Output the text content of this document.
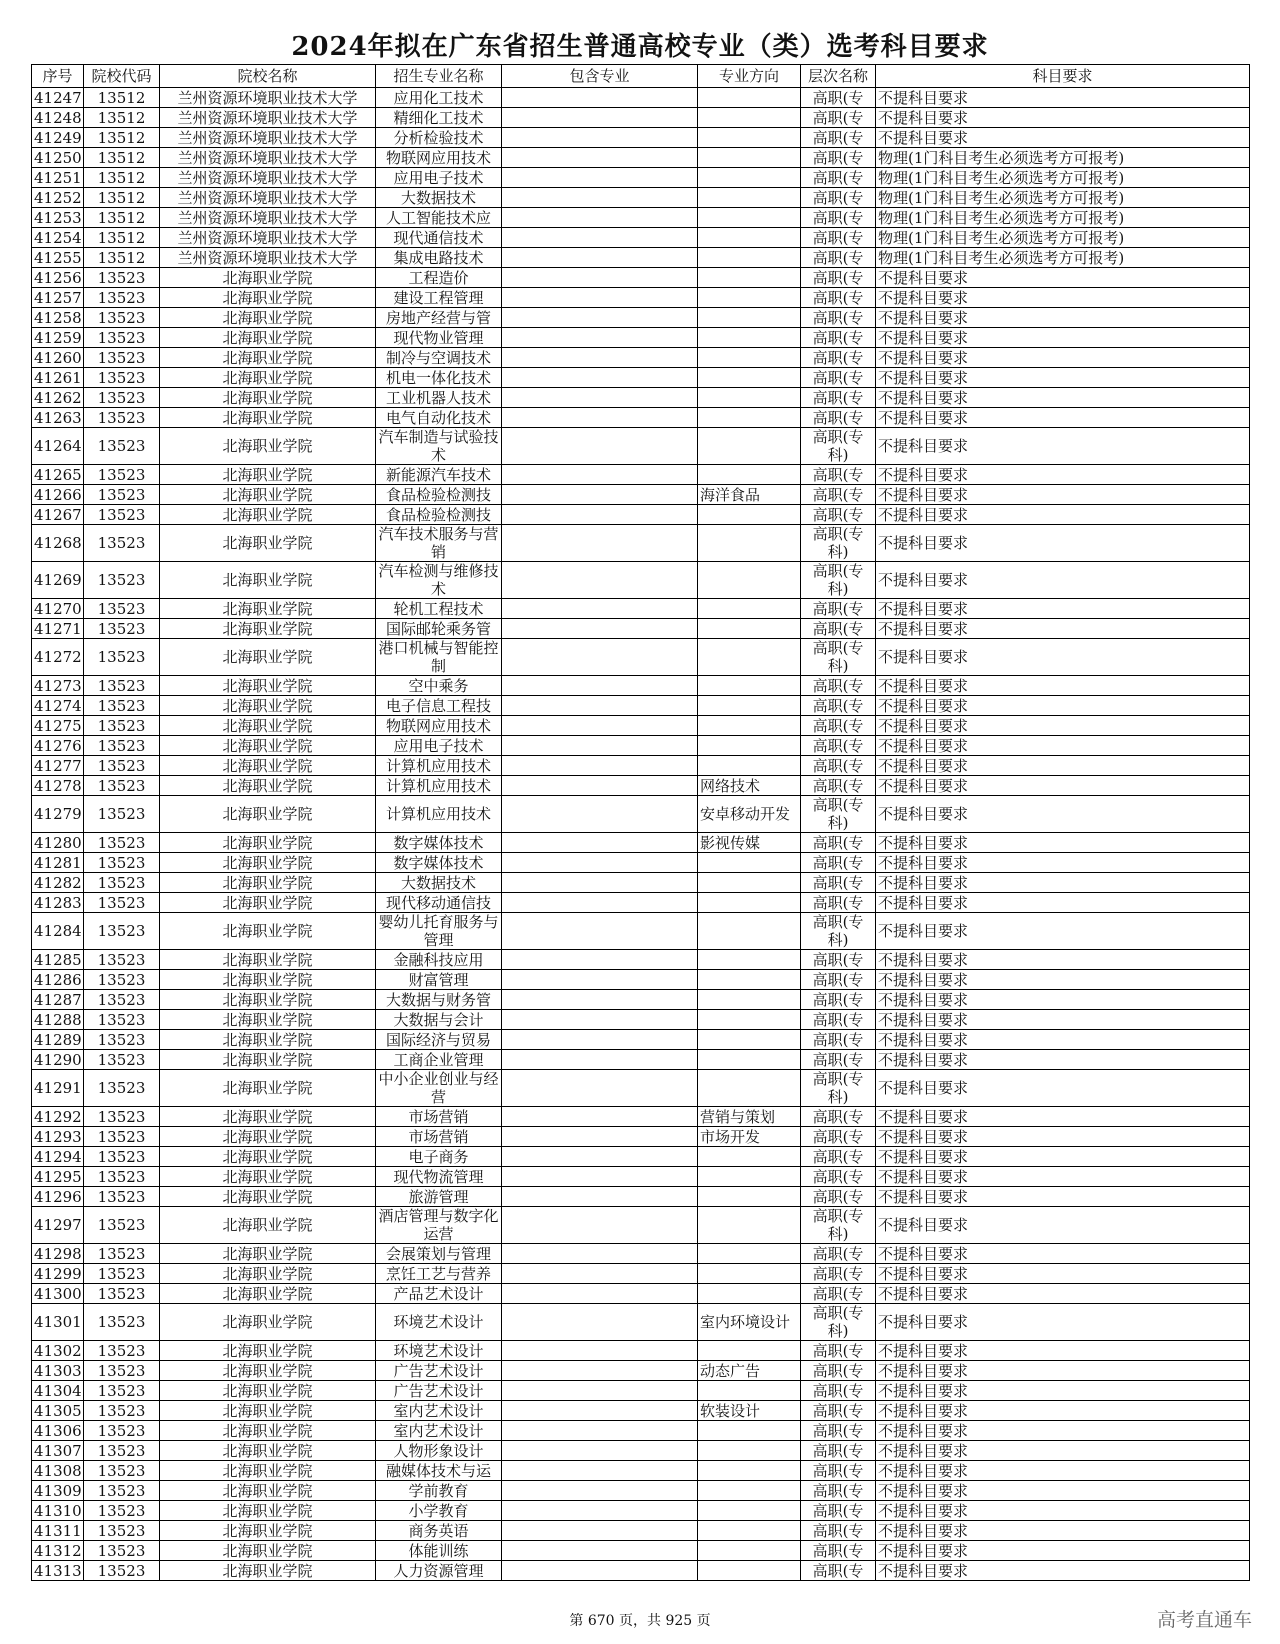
2024年拟在广东省招生普通高校专业（类）选考科目要求
序号	院校代码	院校名称	招生专业名称	包含专业	专业方向	层次名称	科目要求
41247	13512	兰州资源环境职业技术大学	应用化工技术			高职(专	不提科目要求
41248	13512	兰州资源环境职业技术大学	精细化工技术			高职(专	不提科目要求
41249	13512	兰州资源环境职业技术大学	分析检验技术			高职(专	不提科目要求
41250	13512	兰州资源环境职业技术大学	物联网应用技术			高职(专	物理(1门科目考生必须选考方可报考)
41251	13512	兰州资源环境职业技术大学	应用电子技术			高职(专	物理(1门科目考生必须选考方可报考)
41252	13512	兰州资源环境职业技术大学	大数据技术			高职(专	物理(1门科目考生必须选考方可报考)
41253	13512	兰州资源环境职业技术大学	人工智能技术应			高职(专	物理(1门科目考生必须选考方可报考)
41254	13512	兰州资源环境职业技术大学	现代通信技术			高职(专	物理(1门科目考生必须选考方可报考)
41255	13512	兰州资源环境职业技术大学	集成电路技术			高职(专	物理(1门科目考生必须选考方可报考)
41256	13523	北海职业学院	工程造价			高职(专	不提科目要求
41257	13523	北海职业学院	建设工程管理			高职(专	不提科目要求
41258	13523	北海职业学院	房地产经营与管			高职(专	不提科目要求
41259	13523	北海职业学院	现代物业管理			高职(专	不提科目要求
41260	13523	北海职业学院	制冷与空调技术			高职(专	不提科目要求
41261	13523	北海职业学院	机电一体化技术			高职(专	不提科目要求
41262	13523	北海职业学院	工业机器人技术			高职(专	不提科目要求
41263	13523	北海职业学院	电气自动化技术			高职(专	不提科目要求
41264	13523	北海职业学院	汽车制造与试验技术			高职(专科)	不提科目要求
41265	13523	北海职业学院	新能源汽车技术			高职(专	不提科目要求
41266	13523	北海职业学院	食品检验检测技		海洋食品	高职(专	不提科目要求
41267	13523	北海职业学院	食品检验检测技			高职(专	不提科目要求
41268	13523	北海职业学院	汽车技术服务与营销			高职(专科)	不提科目要求
41269	13523	北海职业学院	汽车检测与维修技术			高职(专科)	不提科目要求
41270	13523	北海职业学院	轮机工程技术			高职(专	不提科目要求
41271	13523	北海职业学院	国际邮轮乘务管			高职(专	不提科目要求
41272	13523	北海职业学院	港口机械与智能控制			高职(专科)	不提科目要求
41273	13523	北海职业学院	空中乘务			高职(专	不提科目要求
41274	13523	北海职业学院	电子信息工程技			高职(专	不提科目要求
41275	13523	北海职业学院	物联网应用技术			高职(专	不提科目要求
41276	13523	北海职业学院	应用电子技术			高职(专	不提科目要求
41277	13523	北海职业学院	计算机应用技术			高职(专	不提科目要求
41278	13523	北海职业学院	计算机应用技术		网络技术	高职(专	不提科目要求
41279	13523	北海职业学院	计算机应用技术		安卓移动开发	高职(专科)	不提科目要求
41280	13523	北海职业学院	数字媒体技术		影视传媒	高职(专	不提科目要求
41281	13523	北海职业学院	数字媒体技术			高职(专	不提科目要求
41282	13523	北海职业学院	大数据技术			高职(专	不提科目要求
41283	13523	北海职业学院	现代移动通信技			高职(专	不提科目要求
41284	13523	北海职业学院	婴幼儿托育服务与管理			高职(专科)	不提科目要求
41285	13523	北海职业学院	金融科技应用			高职(专	不提科目要求
41286	13523	北海职业学院	财富管理			高职(专	不提科目要求
41287	13523	北海职业学院	大数据与财务管			高职(专	不提科目要求
41288	13523	北海职业学院	大数据与会计			高职(专	不提科目要求
41289	13523	北海职业学院	国际经济与贸易			高职(专	不提科目要求
41290	13523	北海职业学院	工商企业管理			高职(专	不提科目要求
41291	13523	北海职业学院	中小企业创业与经营			高职(专科)	不提科目要求
41292	13523	北海职业学院	市场营销		营销与策划	高职(专	不提科目要求
41293	13523	北海职业学院	市场营销		市场开发	高职(专	不提科目要求
41294	13523	北海职业学院	电子商务			高职(专	不提科目要求
41295	13523	北海职业学院	现代物流管理			高职(专	不提科目要求
41296	13523	北海职业学院	旅游管理			高职(专	不提科目要求
41297	13523	北海职业学院	酒店管理与数字化运营			高职(专科)	不提科目要求
41298	13523	北海职业学院	会展策划与管理			高职(专	不提科目要求
41299	13523	北海职业学院	烹饪工艺与营养			高职(专	不提科目要求
41300	13523	北海职业学院	产品艺术设计			高职(专	不提科目要求
41301	13523	北海职业学院	环境艺术设计		室内环境设计	高职(专科)	不提科目要求
41302	13523	北海职业学院	环境艺术设计			高职(专	不提科目要求
41303	13523	北海职业学院	广告艺术设计		动态广告	高职(专	不提科目要求
41304	13523	北海职业学院	广告艺术设计			高职(专	不提科目要求
41305	13523	北海职业学院	室内艺术设计		软装设计	高职(专	不提科目要求
41306	13523	北海职业学院	室内艺术设计			高职(专	不提科目要求
41307	13523	北海职业学院	人物形象设计			高职(专	不提科目要求
41308	13523	北海职业学院	融媒体技术与运			高职(专	不提科目要求
41309	13523	北海职业学院	学前教育			高职(专	不提科目要求
41310	13523	北海职业学院	小学教育			高职(专	不提科目要求
41311	13523	北海职业学院	商务英语			高职(专	不提科目要求
41312	13523	北海职业学院	体能训练			高职(专	不提科目要求
41313	13523	北海职业学院	人力资源管理			高职(专	不提科目要求
第 670 页，共 925 页	高考直通车
